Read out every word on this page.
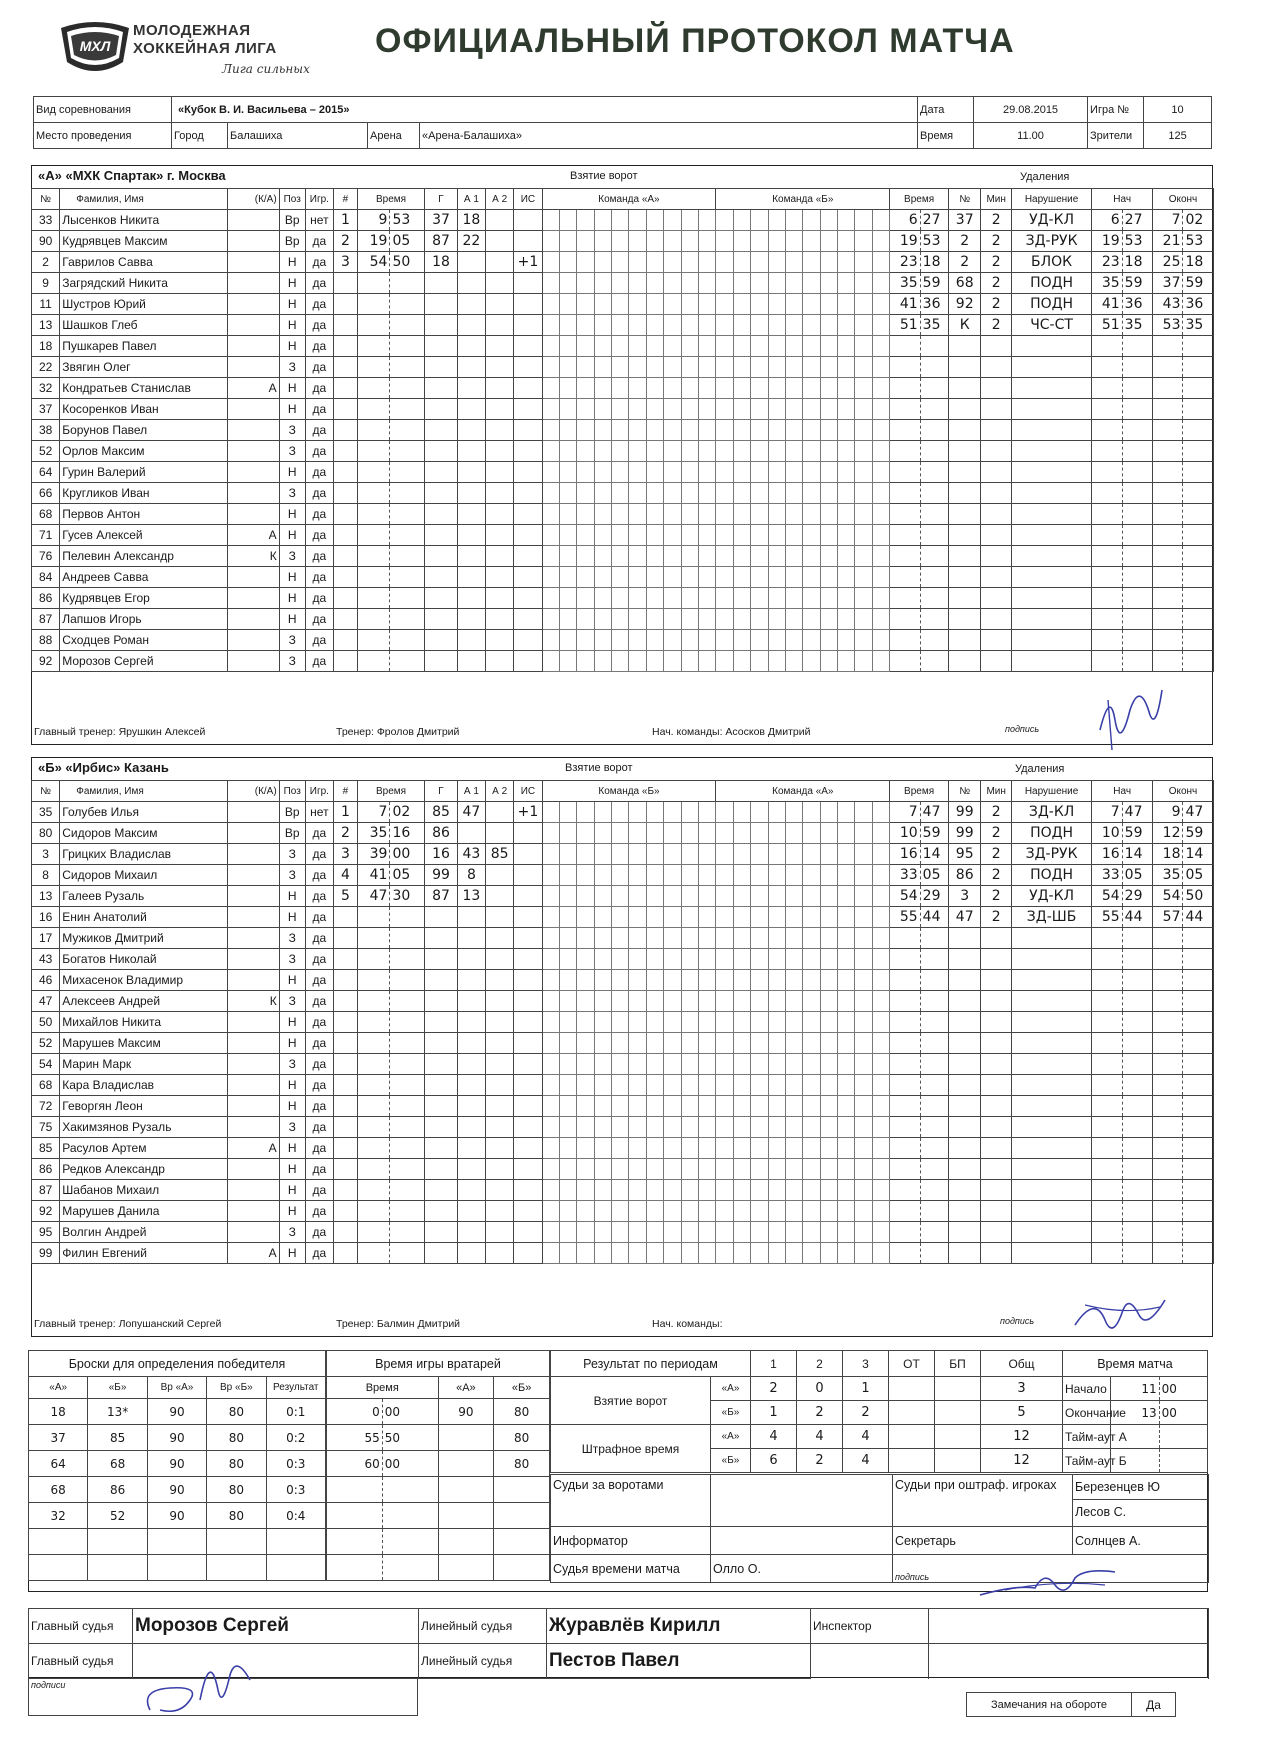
МХЛ
МОЛОДЕЖНАЯ
ХОККЕЙНАЯ ЛИГА
Лига сильных
ОФИЦИАЛЬНЫЙ ПРОТОКОЛ МАТЧА
Вид соревнования	«Кубок В. И. Васильева – 2015»				Дата	29.08.2015	Игра №	10
Место проведения	Город	Балашиха	Арена	«Арена-Балашиха»	Время	11.00	Зрители	125
«А» «МХК Спартак» г. Москва	Взятие ворот	Удаления
№	Фамилия, Имя	(К/А)	Поз	Игр.	#	Время		Г	А 1	А 2	ИС	Команда «А»										Команда «Б»										Время		№	Мин	Нарушение	Нач		Оконч	
33	Лысенков Никита		Вр	нет	1	9	53	37	18																							6	27	37	2	УД-КЛ	6	27	7	02
90	Кудрявцев Максим		Вр	да	2	19	05	87	22																							19	53	2	2	ЗД-РУК	19	53	21	53
2	Гаврилов Савва		Н	да	3	54	50	18			+1																					23	18	2	2	БЛОК	23	18	25	18
9	Загрядский Никита		Н	да																												35	59	68	2	ПОДН	35	59	37	59
11	Шустров Юрий		Н	да																												41	36	92	2	ПОДН	41	36	43	36
13	Шашков Глеб		Н	да																												51	35	К	2	ЧС-СТ	51	35	53	35
18	Пушкарев Павел		Н	да																																				
22	Звягин Олег		З	да																																				
32	Кондратьев Станислав	А	Н	да																																				
37	Косоренков Иван		Н	да																																				
38	Борунов Павел		З	да																																				
52	Орлов Максим		З	да																																				
64	Гурин Валерий		Н	да																																				
66	Кругликов Иван		З	да																																				
68	Первов Антон		Н	да																																				
71	Гусев Алексей	А	Н	да																																				
76	Пелевин Александр	К	З	да																																				
84	Андреев Савва		Н	да																																				
86	Кудрявцев Егор		Н	да																																				
87	Лапшов Игорь		Н	да																																				
88	Сходцев Роман		З	да																																				
92	Морозов Сергей		З	да																																				
Главный тренер: Ярушкин Алексей	Тренер: Фролов Дмитрий	Нач. команды: Асосков Дмитрий	подпись
«Б» «Ирбис» Казань	Взятие ворот	Удаления
№	Фамилия, Имя	(К/А)	Поз	Игр.	#	Время		Г	А 1	А 2	ИС	Команда «Б»										Команда «А»										Время		№	Мин	Нарушение	Нач		Оконч	
35	Голубев Илья		Вр	нет	1	7	02	85	47		+1																					7	47	99	2	ЗД-КЛ	7	47	9	47
80	Сидоров Максим		Вр	да	2	35	16	86																								10	59	99	2	ПОДН	10	59	12	59
3	Грицких Владислав		З	да	3	39	00	16	43	85																						16	14	95	2	ЗД-РУК	16	14	18	14
8	Сидоров Михаил		З	да	4	41	05	99	8																							33	05	86	2	ПОДН	33	05	35	05
13	Галеев Рузаль		Н	да	5	47	30	87	13																							54	29	3	2	УД-КЛ	54	29	54	50
16	Енин Анатолий		Н	да																												55	44	47	2	ЗД-ШБ	55	44	57	44
17	Мужиков Дмитрий		З	да																																				
43	Богатов Николай		З	да																																				
46	Михасенок Владимир		Н	да																																				
47	Алексеев Андрей	К	З	да																																				
50	Михайлов Никита		Н	да																																				
52	Марушев Максим		Н	да																																				
54	Марин Марк		З	да																																				
68	Кара Владислав		Н	да																																				
72	Геворгян Леон		Н	да																																				
75	Хакимзянов Рузаль		З	да																																				
85	Расулов Артем	А	Н	да																																				
86	Редков Александр		Н	да																																				
87	Шабанов Михаил		Н	да																																				
92	Марушев Данила		Н	да																																				
95	Волгин Андрей		З	да																																				
99	Филин Евгений	А	Н	да																																				
Главный тренер: Лопушанский Сергей	Тренер: Балмин Дмитрий	Нач. команды:	подпись
Броски для определения победителя				
«А»	«Б»	Вр «А»	Вр «Б»	Результат
18	13*	90	80	0:1
37	85	90	80	0:2
64	68	90	80	0:3
68	86	90	80	0:3
32	52	90	80	0:4

Время игры вратарей			
Время		«А»	«Б»
0	00	90	80
55	50		80
60	00		80

Результат по периодам		1	2	3	ОТ	БП	Общ
Взятие ворот	«А»	2	0	1			3
	«Б»	1	2	2			5
Штрафное время	«А»	4	4	4			12
	«Б»	6	2	4			12
Время матча		
Начало	11	00
Окончание	13	00
Тайм-аут А		
Тайм-аут Б		
Судьи за воротами		Судьи при оштраф. игроках	Березенцев Ю
Лесов С.

Информатор		Секретарь	Солнцев А.
Судья времени матча	Олло О.	подпись	
Главный судья	Морозов Сергей	Линейный судья	Журавлёв Кирилл	Инспектор	
Главный судья		Линейный судья	Пестов Павел		
подписи
Замечания на обороте	Да
